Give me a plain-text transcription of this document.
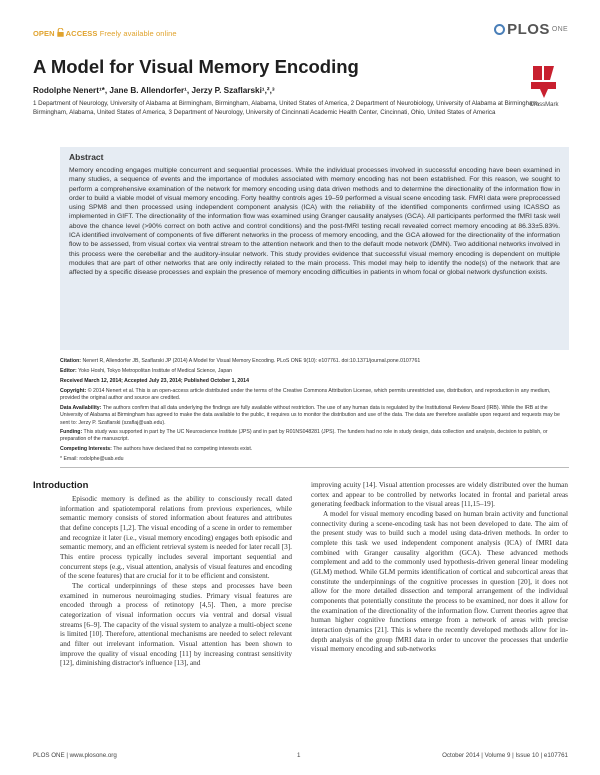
OPEN ACCESS Freely available online	PLOS $^{ONE}$
A Model for Visual Memory Encoding
CrossMark
Rodolphe Nenert¹*, Jane B. Allendorfer¹, Jerzy P. Szaflarski¹,²,³
1 Department of Neurology, University of Alabama at Birmingham, Birmingham, Alabama, United States of America, 2 Department of Neurobiology, University of Alabama at Birmingham, Birmingham, Alabama, United States of America, 3 Department of Neurology, University of Cincinnati Academic Health Center, Cincinnati, Ohio, United States of America
Abstract

Memory encoding engages multiple concurrent and sequential processes. While the individual processes involved in successful encoding have been examined in many studies, a sequence of events and the importance of modules associated with memory encoding has not been established. For this reason, we sought to perform a comprehensive examination of the network for memory encoding using data driven methods and to determine the directionality of the information flow in order to build a viable model of visual memory encoding. Forty healthy controls ages 19–59 performed a visual scene encoding task. FMRI data were preprocessed using SPM8 and then processed using independent component analysis (ICA) with the reliability of the identified components confirmed using ICASSO as implemented in GIFT. The directionality of the information flow was examined using Granger causality analyses (GCA). All participants performed the fMRI task well above the chance level (>90% correct on both active and control conditions) and the post-fMRI testing recall revealed correct memory encoding at 86.33±5.83%. ICA identified involvement of components of five different networks in the process of memory encoding, and the GCA allowed for the directionality of the information flow to be assessed, from visual cortex via ventral stream to the attention network and then to the default mode network (DMN). Two additional networks involved in this process were the cerebellar and the auditory-insular network. This study provides evidence that successful visual memory encoding is dependent on multiple modules that are part of other networks that are only indirectly related to the main process. This model may help to identify the node(s) of the network that are affected by a specific disease processes and explain the presence of memory encoding difficulties in patients in whom focal or global network dysfunction exists.

Citation: Nenert R, Allendorfer JB, Szaflarski JP (2014) A Model for Visual Memory Encoding. PLoS ONE 9(10): e107761. doi:10.1371/journal.pone.0107761
Editor: Yoko Hoshi, Tokyo Metropolitan Institute of Medical Science, Japan
Received March 12, 2014; Accepted July 23, 2014; Published October 1, 2014
Copyright: © 2014 Nenert et al. This is an open-access article distributed under the terms of the Creative Commons Attribution License, which permits unrestricted use, distribution, and reproduction in any medium, provided the original author and source are credited.
Data Availability: The authors confirm that all data underlying the findings are fully available without restriction. The use of any human data is regulated by the Institutional Review Board (IRB). While the IRB at the University of Alabama at Birmingham has agreed to make the data available to the public, it requires us to monitor the distribution and use of the data. The data are therefore available upon request and requests may be sent to: Jerzy P. Szaflarski (szaflaj@uab.edu).
Funding: This study was supported in part by The UC Neuroscience Institute (JPS) and in part by R01NS048281 (JPS). The funders had no role in study design, data collection and analysis, decision to publish, or preparation of the manuscript.
Competing Interests: The authors have declared that no competing interests exist.
* Email: rodolphe@uab.edu
Introduction

Episodic memory is defined as the ability to consciously recall dated information and spatiotemporal relations from previous experiences, while semantic memory consists of stored information about features and attributes that define concepts [1,2]. The visual encoding of a scene in order to remember and recognize it later (i.e., visual memory encoding) engages both episodic and semantic memory, and an efficient retrieval system is needed for later recall [3]. This entire process typically includes several important sequential and concurrent steps (e.g., visual attention, analysis of visual features and encoding of the scene features) that are crucial for it to be efficient and consistent.

The cortical underpinnings of these steps and processes have been examined in numerous neuroimaging studies. Primary visual features are encoded through a process of retinotopy [4,5]. Then, a more precise categorization of visual information occurs via ventral and dorsal visual streams [6–9]. The capacity of the visual system to analyze a multi-object scene is limited [10]. Therefore, attentional mechanisms are needed to select relevant and filter out irrelevant information. Visual attention has been shown to improve the quality of visual encoding [11] by increasing contrast sensitivity [12], diminishing distractor's influence [13], and

improving acuity [14]. Visual attention processes are widely distributed over the human cortex and appear to be controlled by networks located in frontal and parietal areas generating feedback information to the visual areas [11,15–19].

A model for visual memory encoding based on human brain activity and functional connectivity during a scene-encoding task has not been developed to date. The aim of the present study was to build such a model using data-driven methods. In order to complete this task we used independent component analysis (ICA) of fMRI data combined with Granger causality algorithm (GCA). These advanced methods complement and add to the commonly used hypothesis-driven general linear modeling (GLM) method. While GLM permits identification of cortical and subcortical areas that constitute the underpinnings of the cognitive processes in question [20], it does not allow for the more detailed dissection and temporal arrangement of the individual components that potentially constitute the process to be examined, nor does it allow for the examination of the directionality of the information flow. Current theories agree that human higher cognitive functions emerge from a network of areas with precise interaction dynamics [21]. This is where the recently developed methods allow for in-depth analysis of the group fMRI data in order to uncover the processes that underlie visual memory encoding and sub-networks

PLOS ONE | www.plosone.org	1	October 2014 | Volume 9 | Issue 10 | e107761
